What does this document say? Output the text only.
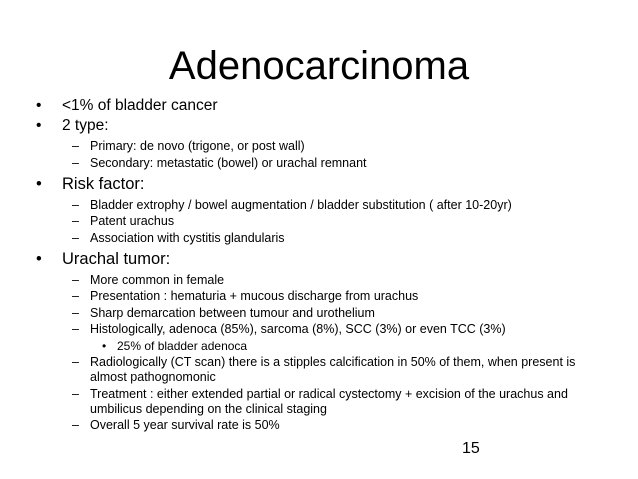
Adenocarcinoma
• <1% of bladder cancer
• 2 type:
– Primary: de novo (trigone, or post wall)
– Secondary: metastatic (bowel) or urachal remnant
• Risk factor:
– Bladder extrophy / bowel augmentation / bladder substitution ( after 10-20yr)
– Patent urachus
– Association with cystitis glandularis
• Urachal tumor:
– More common in female
– Presentation : hematuria + mucous discharge from urachus
– Sharp demarcation between tumour and urothelium
– Histologically, adenoca (85%), sarcoma (8%), SCC (3%) or even TCC (3%)
• 25% of bladder adenoca
– Radiologically (CT scan) there is a stipples calcification in 50% of them, when present is almost pathognomonic
– Treatment : either extended partial or radical cystectomy + excision of the urachus and umbilicus depending on the clinical staging
– Overall 5 year survival rate is 50%
15
